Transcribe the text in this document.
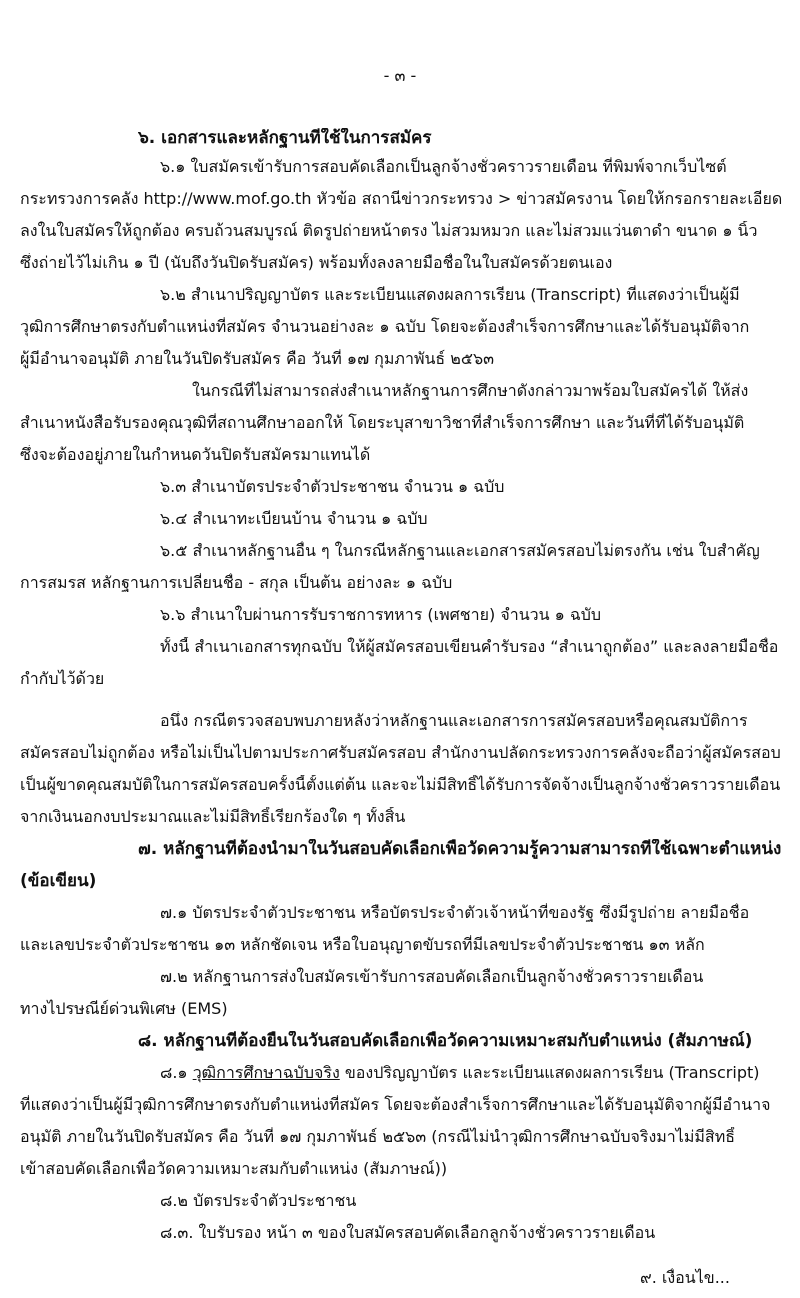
- ๓ -
๖. เอกสารและหลักฐานที่ใช้ในการสมัคร
๖.๑ ใบสมัครเข้ารับการสอบคัดเลือกเป็นลูกจ้างชั่วคราวรายเดือน ที่พิมพ์จากเว็บไซต์
กระทรวงการคลัง http://www.mof.go.th หัวข้อ สถานีข่าวกระทรวง > ข่าวสมัครงาน โดยให้กรอกรายละเอียด
ลงในใบสมัครให้ถูกต้อง ครบถ้วนสมบูรณ์ ติดรูปถ่ายหน้าตรง ไม่สวมหมวก และไม่สวมแว่นตาดำ ขนาด ๑ นิ้ว
ซึ่งถ่ายไว้ไม่เกิน ๑ ปี (นับถึงวันปิดรับสมัคร) พร้อมทั้งลงลายมือชื่อในใบสมัครด้วยตนเอง
๖.๒ สำเนาปริญญาบัตร และระเบียนแสดงผลการเรียน (Transcript) ที่แสดงว่าเป็นผู้มี
วุฒิการศึกษาตรงกับตำแหน่งที่สมัคร จำนวนอย่างละ ๑ ฉบับ โดยจะต้องสำเร็จการศึกษาและได้รับอนุมัติจาก
ผู้มีอำนาจอนุมัติ ภายในวันปิดรับสมัคร คือ วันที่ ๑๗ กุมภาพันธ์ ๒๕๖๓
ในกรณีที่ไม่สามารถส่งสำเนาหลักฐานการศึกษาดังกล่าวมาพร้อมใบสมัครได้ ให้ส่ง
สำเนาหนังสือรับรองคุณวุฒิที่สถานศึกษาออกให้ โดยระบุสาขาวิชาที่สำเร็จการศึกษา และวันที่ที่ได้รับอนุมัติ
ซึ่งจะต้องอยู่ภายในกำหนดวันปิดรับสมัครมาแทนได้
๖.๓ สำเนาบัตรประจำตัวประชาชน จำนวน ๑ ฉบับ
๖.๔ สำเนาทะเบียนบ้าน จำนวน ๑ ฉบับ
๖.๕ สำเนาหลักฐานอื่น ๆ ในกรณีหลักฐานและเอกสารสมัครสอบไม่ตรงกัน เช่น ใบสำคัญ
การสมรส หลักฐานการเปลี่ยนชื่อ - สกุล เป็นต้น อย่างละ ๑ ฉบับ
๖.๖ สำเนาใบผ่านการรับราชการทหาร (เพศชาย) จำนวน ๑ ฉบับ
ทั้งนี้ สำเนาเอกสารทุกฉบับ ให้ผู้สมัครสอบเขียนคำรับรอง “สำเนาถูกต้อง” และลงลายมือชื่อ
กำกับไว้ด้วย
อนึ่ง กรณีตรวจสอบพบภายหลังว่าหลักฐานและเอกสารการสมัครสอบหรือคุณสมบัติการ
สมัครสอบไม่ถูกต้อง หรือไม่เป็นไปตามประกาศรับสมัครสอบ สำนักงานปลัดกระทรวงการคลังจะถือว่าผู้สมัครสอบ
เป็นผู้ขาดคุณสมบัติในการสมัครสอบครั้งนี้ตั้งแต่ต้น และจะไม่มีสิทธิ์ได้รับการจัดจ้างเป็นลูกจ้างชั่วคราวรายเดือน
จากเงินนอกงบประมาณและไม่มีสิทธิ์เรียกร้องใด ๆ ทั้งสิ้น
๗. หลักฐานที่ต้องนำมาในวันสอบคัดเลือกเพื่อวัดความรู้ความสามารถที่ใช้เฉพาะตำแหน่ง
(ข้อเขียน)
๗.๑ บัตรประจำตัวประชาชน หรือบัตรประจำตัวเจ้าหน้าที่ของรัฐ ซึ่งมีรูปถ่าย ลายมือชื่อ
และเลขประจำตัวประชาชน ๑๓ หลักชัดเจน หรือใบอนุญาตขับรถที่มีเลขประจำตัวประชาชน ๑๓ หลัก
๗.๒ หลักฐานการส่งใบสมัครเข้ารับการสอบคัดเลือกเป็นลูกจ้างชั่วคราวรายเดือน
ทางไปรษณีย์ด่วนพิเศษ (EMS)
๘. หลักฐานที่ต้องยื่นในวันสอบคัดเลือกเพื่อวัดความเหมาะสมกับตำแหน่ง (สัมภาษณ์)
๘.๑ วุฒิการศึกษาฉบับจริง ของปริญญาบัตร และระเบียนแสดงผลการเรียน (Transcript)
ที่แสดงว่าเป็นผู้มีวุฒิการศึกษาตรงกับตำแหน่งที่สมัคร โดยจะต้องสำเร็จการศึกษาและได้รับอนุมัติจากผู้มีอำนาจ
อนุมัติ ภายในวันปิดรับสมัคร คือ วันที่ ๑๗ กุมภาพันธ์ ๒๕๖๓ (กรณีไม่นำวุฒิการศึกษาฉบับจริงมาไม่มีสิทธิ์
เข้าสอบคัดเลือกเพื่อวัดความเหมาะสมกับตำแหน่ง (สัมภาษณ์))
๘.๒ บัตรประจำตัวประชาชน
๘.๓. ใบรับรอง หน้า ๓ ของใบสมัครสอบคัดเลือกลูกจ้างชั่วคราวรายเดือน
๙. เงื่อนไข...
